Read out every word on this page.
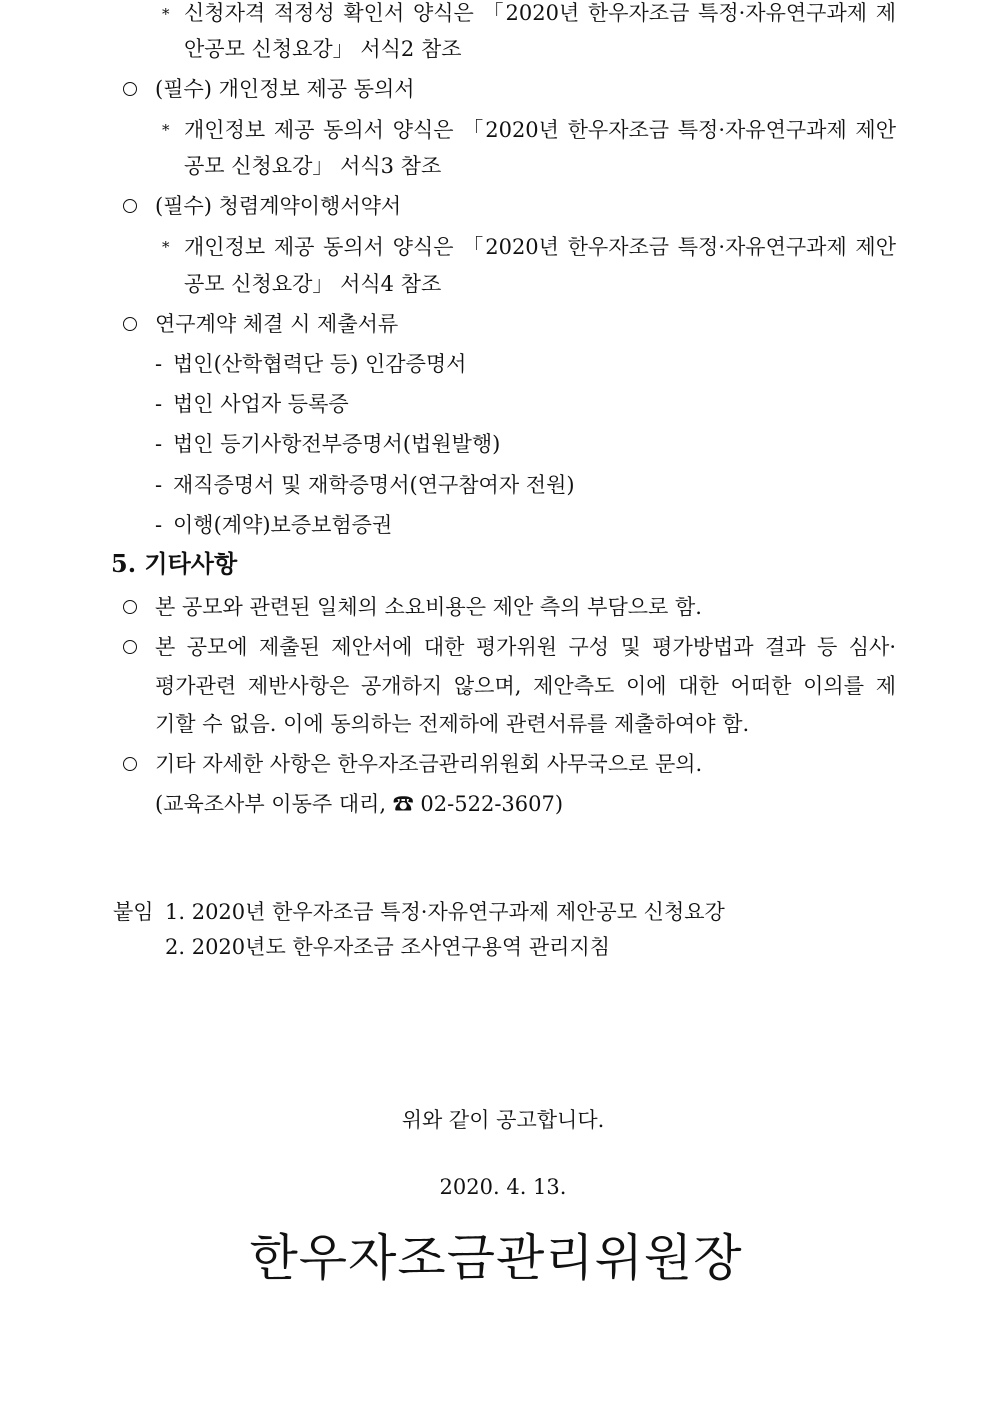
* 신청자격 적정성 확인서 양식은 「2020년 한우자조금 특정·자유연구과제 제
안공모 신청요강」 서식2 참조
(필수) 개인정보 제공 동의서
* 개인정보 제공 동의서 양식은 「2020년 한우자조금 특정·자유연구과제 제안
공모 신청요강」 서식3 참조
(필수) 청렴계약이행서약서
* 개인정보 제공 동의서 양식은 「2020년 한우자조금 특정·자유연구과제 제안
공모 신청요강」 서식4 참조
연구계약 체결 시 제출서류
- 법인(산학협력단 등) 인감증명서
- 법인 사업자 등록증
- 법인 등기사항전부증명서(법원발행)
- 재직증명서 및 재학증명서(연구참여자 전원)
- 이행(계약)보증보험증권
5. 기타사항
본 공모와 관련된 일체의 소요비용은 제안 측의 부담으로 함.
본 공모에 제출된 제안서에 대한 평가위원 구성 및 평가방법과 결과 등 심사·
평가관련 제반사항은 공개하지 않으며, 제안측도 이에 대한 어떠한 이의를 제
기할 수 없음. 이에 동의하는 전제하에 관련서류를 제출하여야 함.
기타 자세한 사항은 한우자조금관리위원회 사무국으로 문의.
(교육조사부 이동주 대리, ☎ 02-522-3607)
붙임 1. 2020년 한우자조금 특정·자유연구과제 제안공모 신청요강
2. 2020년도 한우자조금 조사연구용역 관리지침
위와 같이 공고합니다.
2020. 4. 13.
한우자조금관리위원장
